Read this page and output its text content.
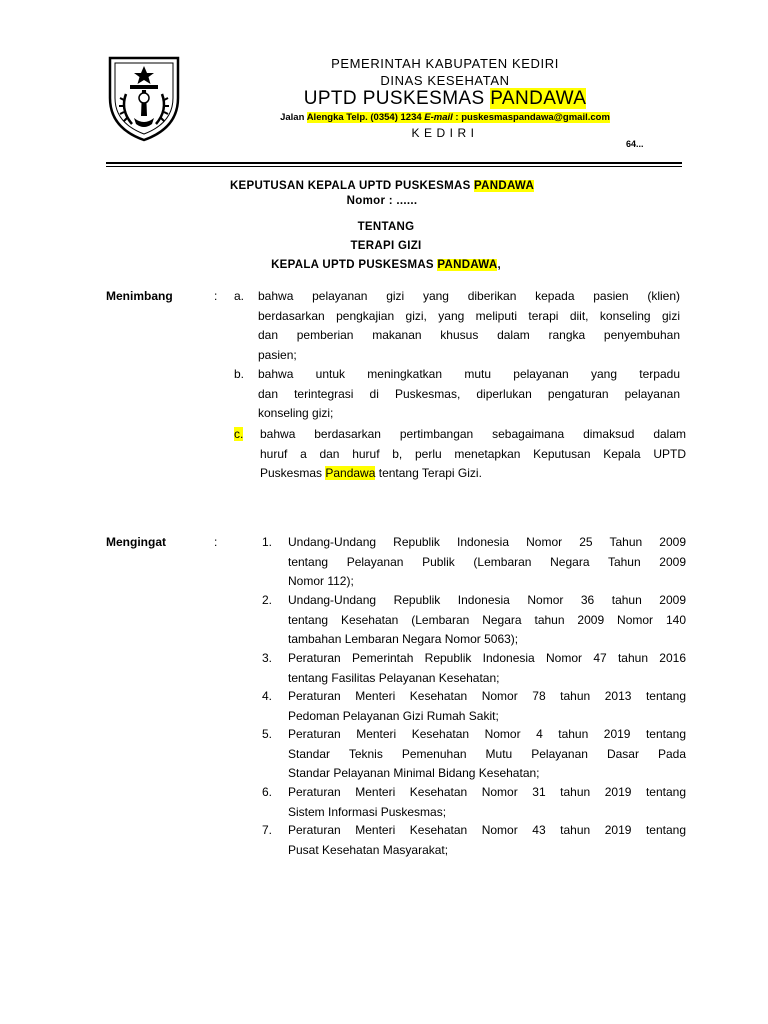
PEMERINTAH KABUPATEN KEDIRI
DINAS KESEHATAN
UPTD PUSKESMAS PANDAWA
Jalan Alengka Telp. (0354) 1234 E-mail : puskesmaspandawa@gmail.com
KEDIRI
64...
KEPUTUSAN KEPALA UPTD PUSKESMAS PANDAWA
Nomor : ......
TENTANG
TERAPI GIZI
KEPALA UPTD PUSKESMAS PANDAWA,
Menimbang	: a. bahwa pelayanan gizi yang diberikan kepada pasien (klien)
berdasarkan pengkajian gizi, yang meliputi terapi diit, konseling gizi
dan pemberian makanan khusus dalam rangka penyembuhan
pasien;
b. bahwa untuk meningkatkan mutu pelayanan yang terpadu
dan terintegrasi di Puskesmas, diperlukan pengaturan pelayanan
konseling gizi;
c. bahwa berdasarkan pertimbangan sebagaimana dimaksud dalam
huruf a dan huruf b, perlu menetapkan Keputusan Kepala UPTD
Puskesmas Pandawa tentang Terapi Gizi.
Mengingat	:	1. Undang-Undang Republik Indonesia Nomor 25 Tahun 2009
tentang Pelayanan Publik (Lembaran Negara Tahun 2009
Nomor 112);
2. Undang-Undang Republik Indonesia Nomor 36 tahun 2009
tentang Kesehatan (Lembaran Negara tahun 2009 Nomor 140
tambahan Lembaran Negara Nomor 5063);
3. Peraturan Pemerintah Republik Indonesia Nomor 47 tahun 2016
tentang Fasilitas Pelayanan Kesehatan;
4. Peraturan Menteri Kesehatan Nomor 78 tahun 2013 tentang
Pedoman Pelayanan Gizi Rumah Sakit;
5. Peraturan Menteri Kesehatan Nomor 4 tahun 2019 tentang
Standar Teknis Pemenuhan Mutu Pelayanan Dasar Pada
Standar Pelayanan Minimal Bidang Kesehatan;
6. Peraturan Menteri Kesehatan Nomor 31 tahun 2019 tentang
Sistem Informasi Puskesmas;
7. Peraturan Menteri Kesehatan Nomor 43 tahun 2019 tentang
Pusat Kesehatan Masyarakat;
